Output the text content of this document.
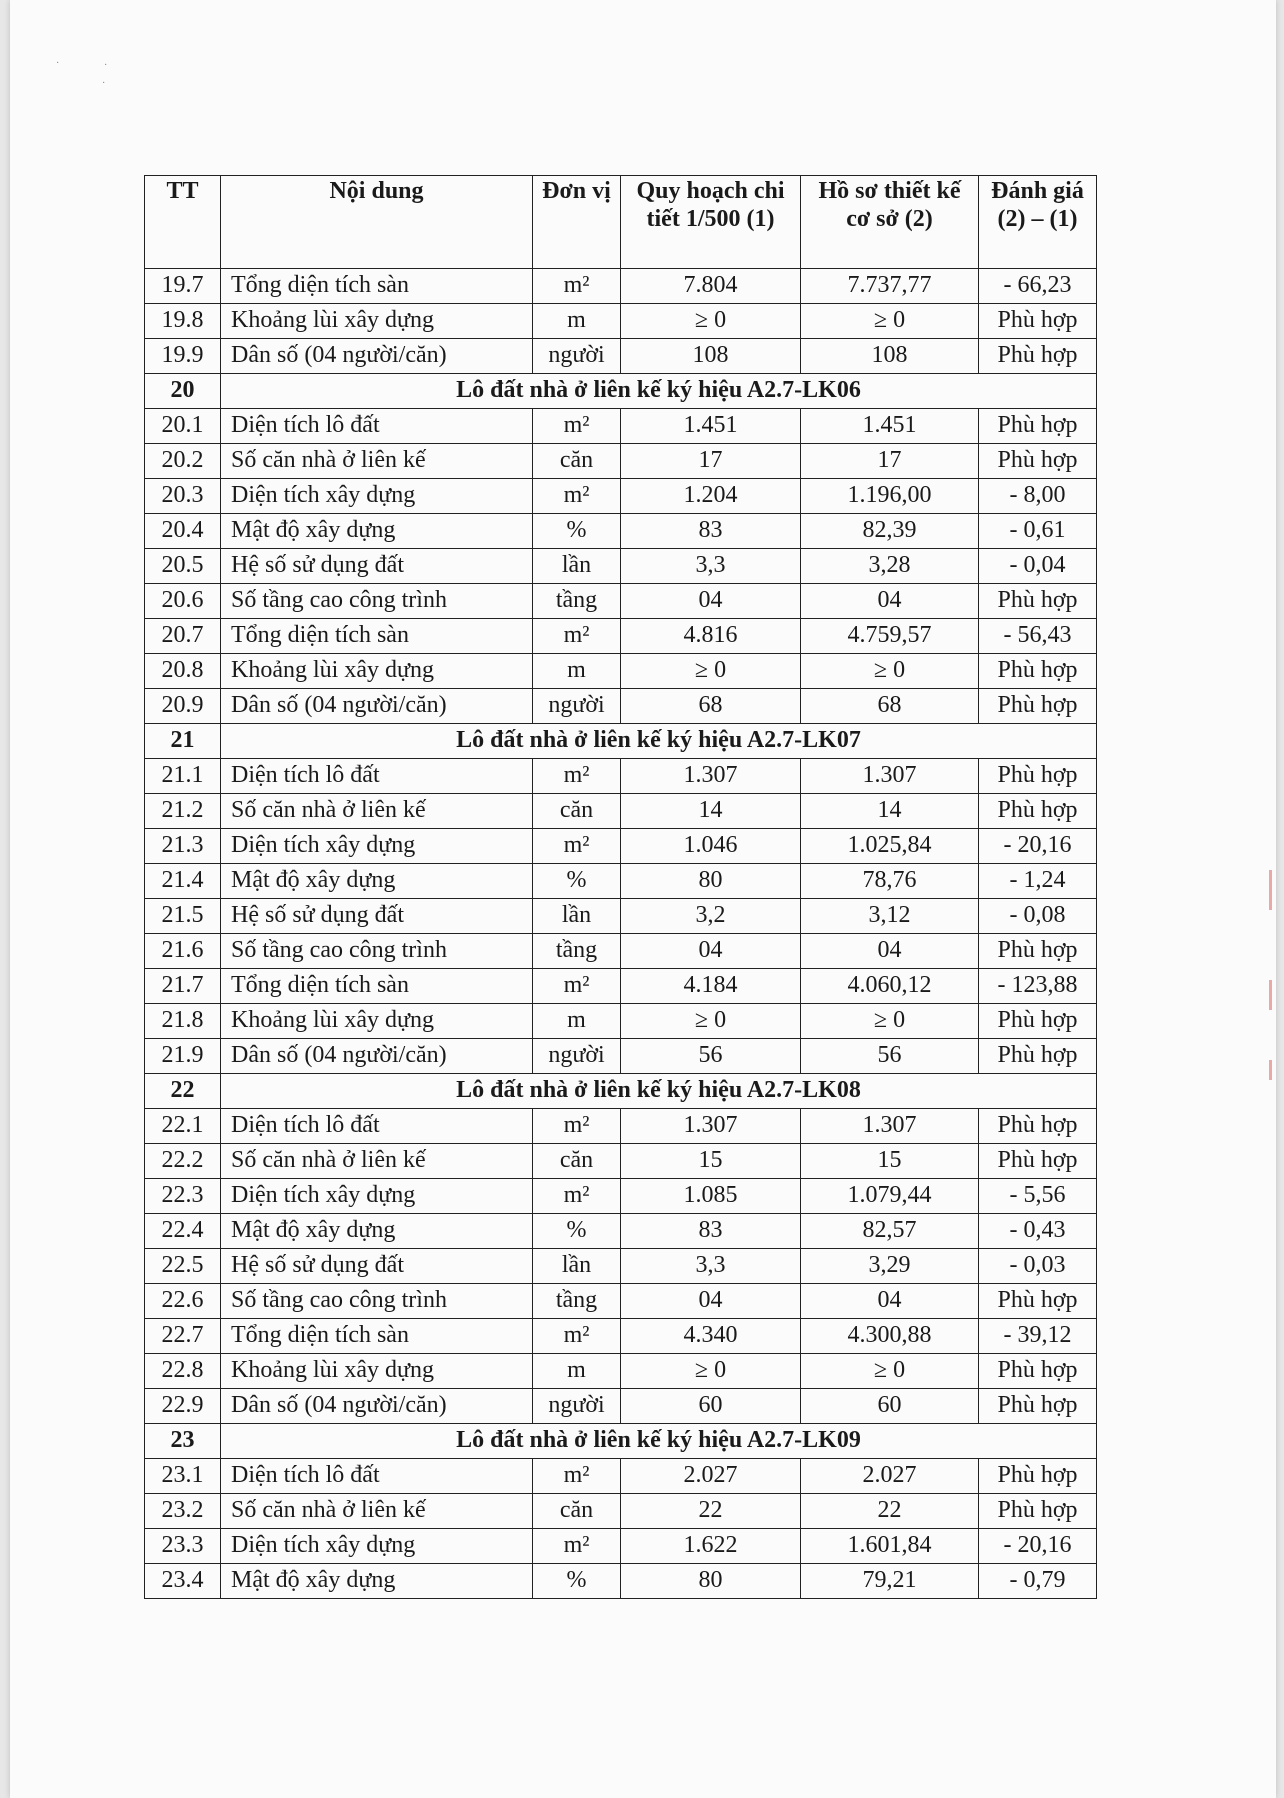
·	·
·
TT	Nội dung	Đơn vị	Quy hoạch chi tiết 1/500 (1)	Hồ sơ thiết kế cơ sở (2)	Đánh giá (2) – (1)
19.7	Tổng diện tích sàn	m²	7.804	7.737,77	- 66,23
19.8	Khoảng lùi xây dựng	m	≥ 0	≥ 0	Phù hợp
19.9	Dân số (04 người/căn)	người	108	108	Phù hợp
20	Lô đất nhà ở liên kế ký hiệu A2.7-LK06				
20.1	Diện tích lô đất	m²	1.451	1.451	Phù hợp
20.2	Số căn nhà ở liên kế	căn	17	17	Phù hợp
20.3	Diện tích xây dựng	m²	1.204	1.196,00	- 8,00
20.4	Mật độ xây dựng	%	83	82,39	- 0,61
20.5	Hệ số sử dụng đất	lần	3,3	3,28	- 0,04
20.6	Số tầng cao công trình	tầng	04	04	Phù hợp
20.7	Tổng diện tích sàn	m²	4.816	4.759,57	- 56,43
20.8	Khoảng lùi xây dựng	m	≥ 0	≥ 0	Phù hợp
20.9	Dân số (04 người/căn)	người	68	68	Phù hợp
21	Lô đất nhà ở liên kế ký hiệu A2.7-LK07				
21.1	Diện tích lô đất	m²	1.307	1.307	Phù hợp
21.2	Số căn nhà ở liên kế	căn	14	14	Phù hợp
21.3	Diện tích xây dựng	m²	1.046	1.025,84	- 20,16
21.4	Mật độ xây dựng	%	80	78,76	- 1,24
21.5	Hệ số sử dụng đất	lần	3,2	3,12	- 0,08
21.6	Số tầng cao công trình	tầng	04	04	Phù hợp
21.7	Tổng diện tích sàn	m²	4.184	4.060,12	- 123,88
21.8	Khoảng lùi xây dựng	m	≥ 0	≥ 0	Phù hợp
21.9	Dân số (04 người/căn)	người	56	56	Phù hợp
22	Lô đất nhà ở liên kế ký hiệu A2.7-LK08				
22.1	Diện tích lô đất	m²	1.307	1.307	Phù hợp
22.2	Số căn nhà ở liên kế	căn	15	15	Phù hợp
22.3	Diện tích xây dựng	m²	1.085	1.079,44	- 5,56
22.4	Mật độ xây dựng	%	83	82,57	- 0,43
22.5	Hệ số sử dụng đất	lần	3,3	3,29	- 0,03
22.6	Số tầng cao công trình	tầng	04	04	Phù hợp
22.7	Tổng diện tích sàn	m²	4.340	4.300,88	- 39,12
22.8	Khoảng lùi xây dựng	m	≥ 0	≥ 0	Phù hợp
22.9	Dân số (04 người/căn)	người	60	60	Phù hợp
23	Lô đất nhà ở liên kế ký hiệu A2.7-LK09				
23.1	Diện tích lô đất	m²	2.027	2.027	Phù hợp
23.2	Số căn nhà ở liên kế	căn	22	22	Phù hợp
23.3	Diện tích xây dựng	m²	1.622	1.601,84	- 20,16
23.4	Mật độ xây dựng	%	80	79,21	- 0,79
